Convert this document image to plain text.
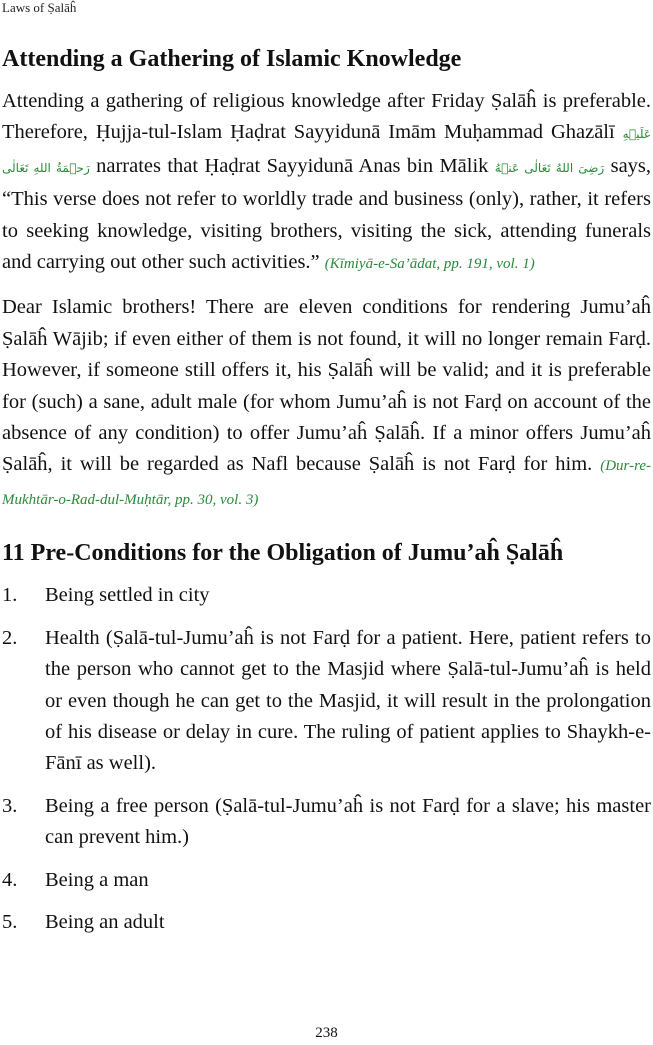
Laws of Ṣalāĥ
Attending a Gathering of Islamic Knowledge

Attending a gathering of religious knowledge after Friday Ṣalāĥ is preferable. Therefore, Ḥujja-tul-Islam Ḥaḍrat Sayyidunā Imām Muḥammad Ghazālī عَلَیۡهِ رَحۡمَةُ اللهِ تَعَالٰی narrates that Ḥaḍrat Sayyidunā Anas bin Mālik رَضِیَ اللهُ تَعَالٰی عَنۡهُ says, “This verse does not refer to worldly trade and business (only), rather, it refers to seeking knowledge, visiting brothers, visiting the sick, attending funerals and carrying out other such activities.” (Kīmiyā-e-Sa’ādat, pp. 191, vol. 1)

Dear Islamic brothers! There are eleven conditions for rendering Jumu’aĥ Ṣalāĥ Wājib; if even either of them is not found, it will no longer remain Farḍ. However, if someone still offers it, his Ṣalāĥ will be valid; and it is preferable for (such) a sane, adult male (for whom Jumu’aĥ is not Farḍ on account of the absence of any condition) to offer Jumu’aĥ Ṣalāĥ. If a minor offers Jumu’aĥ Ṣalāĥ, it will be regarded as Nafl because Ṣalāĥ is not Farḍ for him. (Dur-re-Mukhtār-o-Rad-dul-Muḥtār, pp. 30, vol. 3)

11 Pre-Conditions for the Obligation of Jumu’aĥ Ṣalāĥ
1. Being settled in city
2. Health (Ṣalā-tul-Jumu’aĥ is not Farḍ for a patient. Here, patient refers to the person who cannot get to the Masjid where Ṣalā-tul-Jumu’aĥ is held or even though he can get to the Masjid, it will result in the prolongation of his disease or delay in cure. The ruling of patient applies to Shaykh-e-Fānī as well).
3. Being a free person (Ṣalā-tul-Jumu’aĥ is not Farḍ for a slave; his master can prevent him.)
4. Being a man
5. Being an adult
238
